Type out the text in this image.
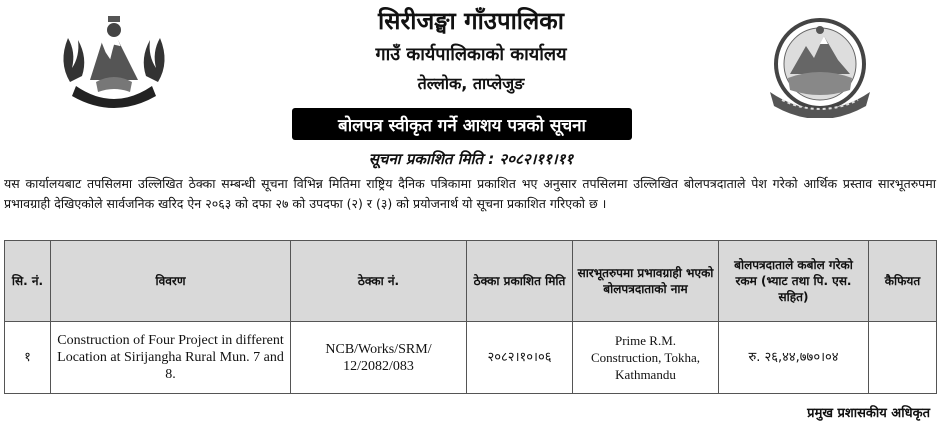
सिरीजङ्घा गाँउपालिका
गाउँ कार्यपालिकाको कार्यालय
तेल्लोक, ताप्लेजुङ
बोलपत्र स्वीकृत गर्ने आशय पत्रको सूचना
सूचना प्रकाशित मिति : २०८२।११।११
यस कार्यालयबाट तपसिलमा उल्लिखित ठेक्का सम्बन्धी सूचना विभिन्न मितिमा राष्ट्रिय दैनिक पत्रिकामा प्रकाशित भए अनुसार तपसिलमा उल्लिखित बोलपत्रदाताले पेश गरेको आर्थिक प्रस्ताव सारभूतरुपमा प्रभावग्राही देखिएकोले सार्वजनिक खरिद ऐन २०६३ को दफा २७ को उपदफा (२) र (३) को प्रयोजनार्थ यो सूचना प्रकाशित गरिएको छ ।
सि. नं.	विवरण	ठेक्का नं.	ठेक्का प्रकाशित मिति	सारभूतरुपमा प्रभावग्राही भएको बोलपत्रदाताको नाम	बोलपत्रदाताले कबोल गरेको रकम (भ्याट तथा पि. एस. सहित)	कैफियत
१	Construction of Four Project in different Location at Sirijangha Rural Mun. 7 and 8.	NCB/Works/SRM/ 12/2082/083	२०८२।१०।०६	Prime R.M. Construction, Tokha, Kathmandu	रु. २६,४४,७७०।०४	
प्रमुख प्रशासकीय अधिकृत
